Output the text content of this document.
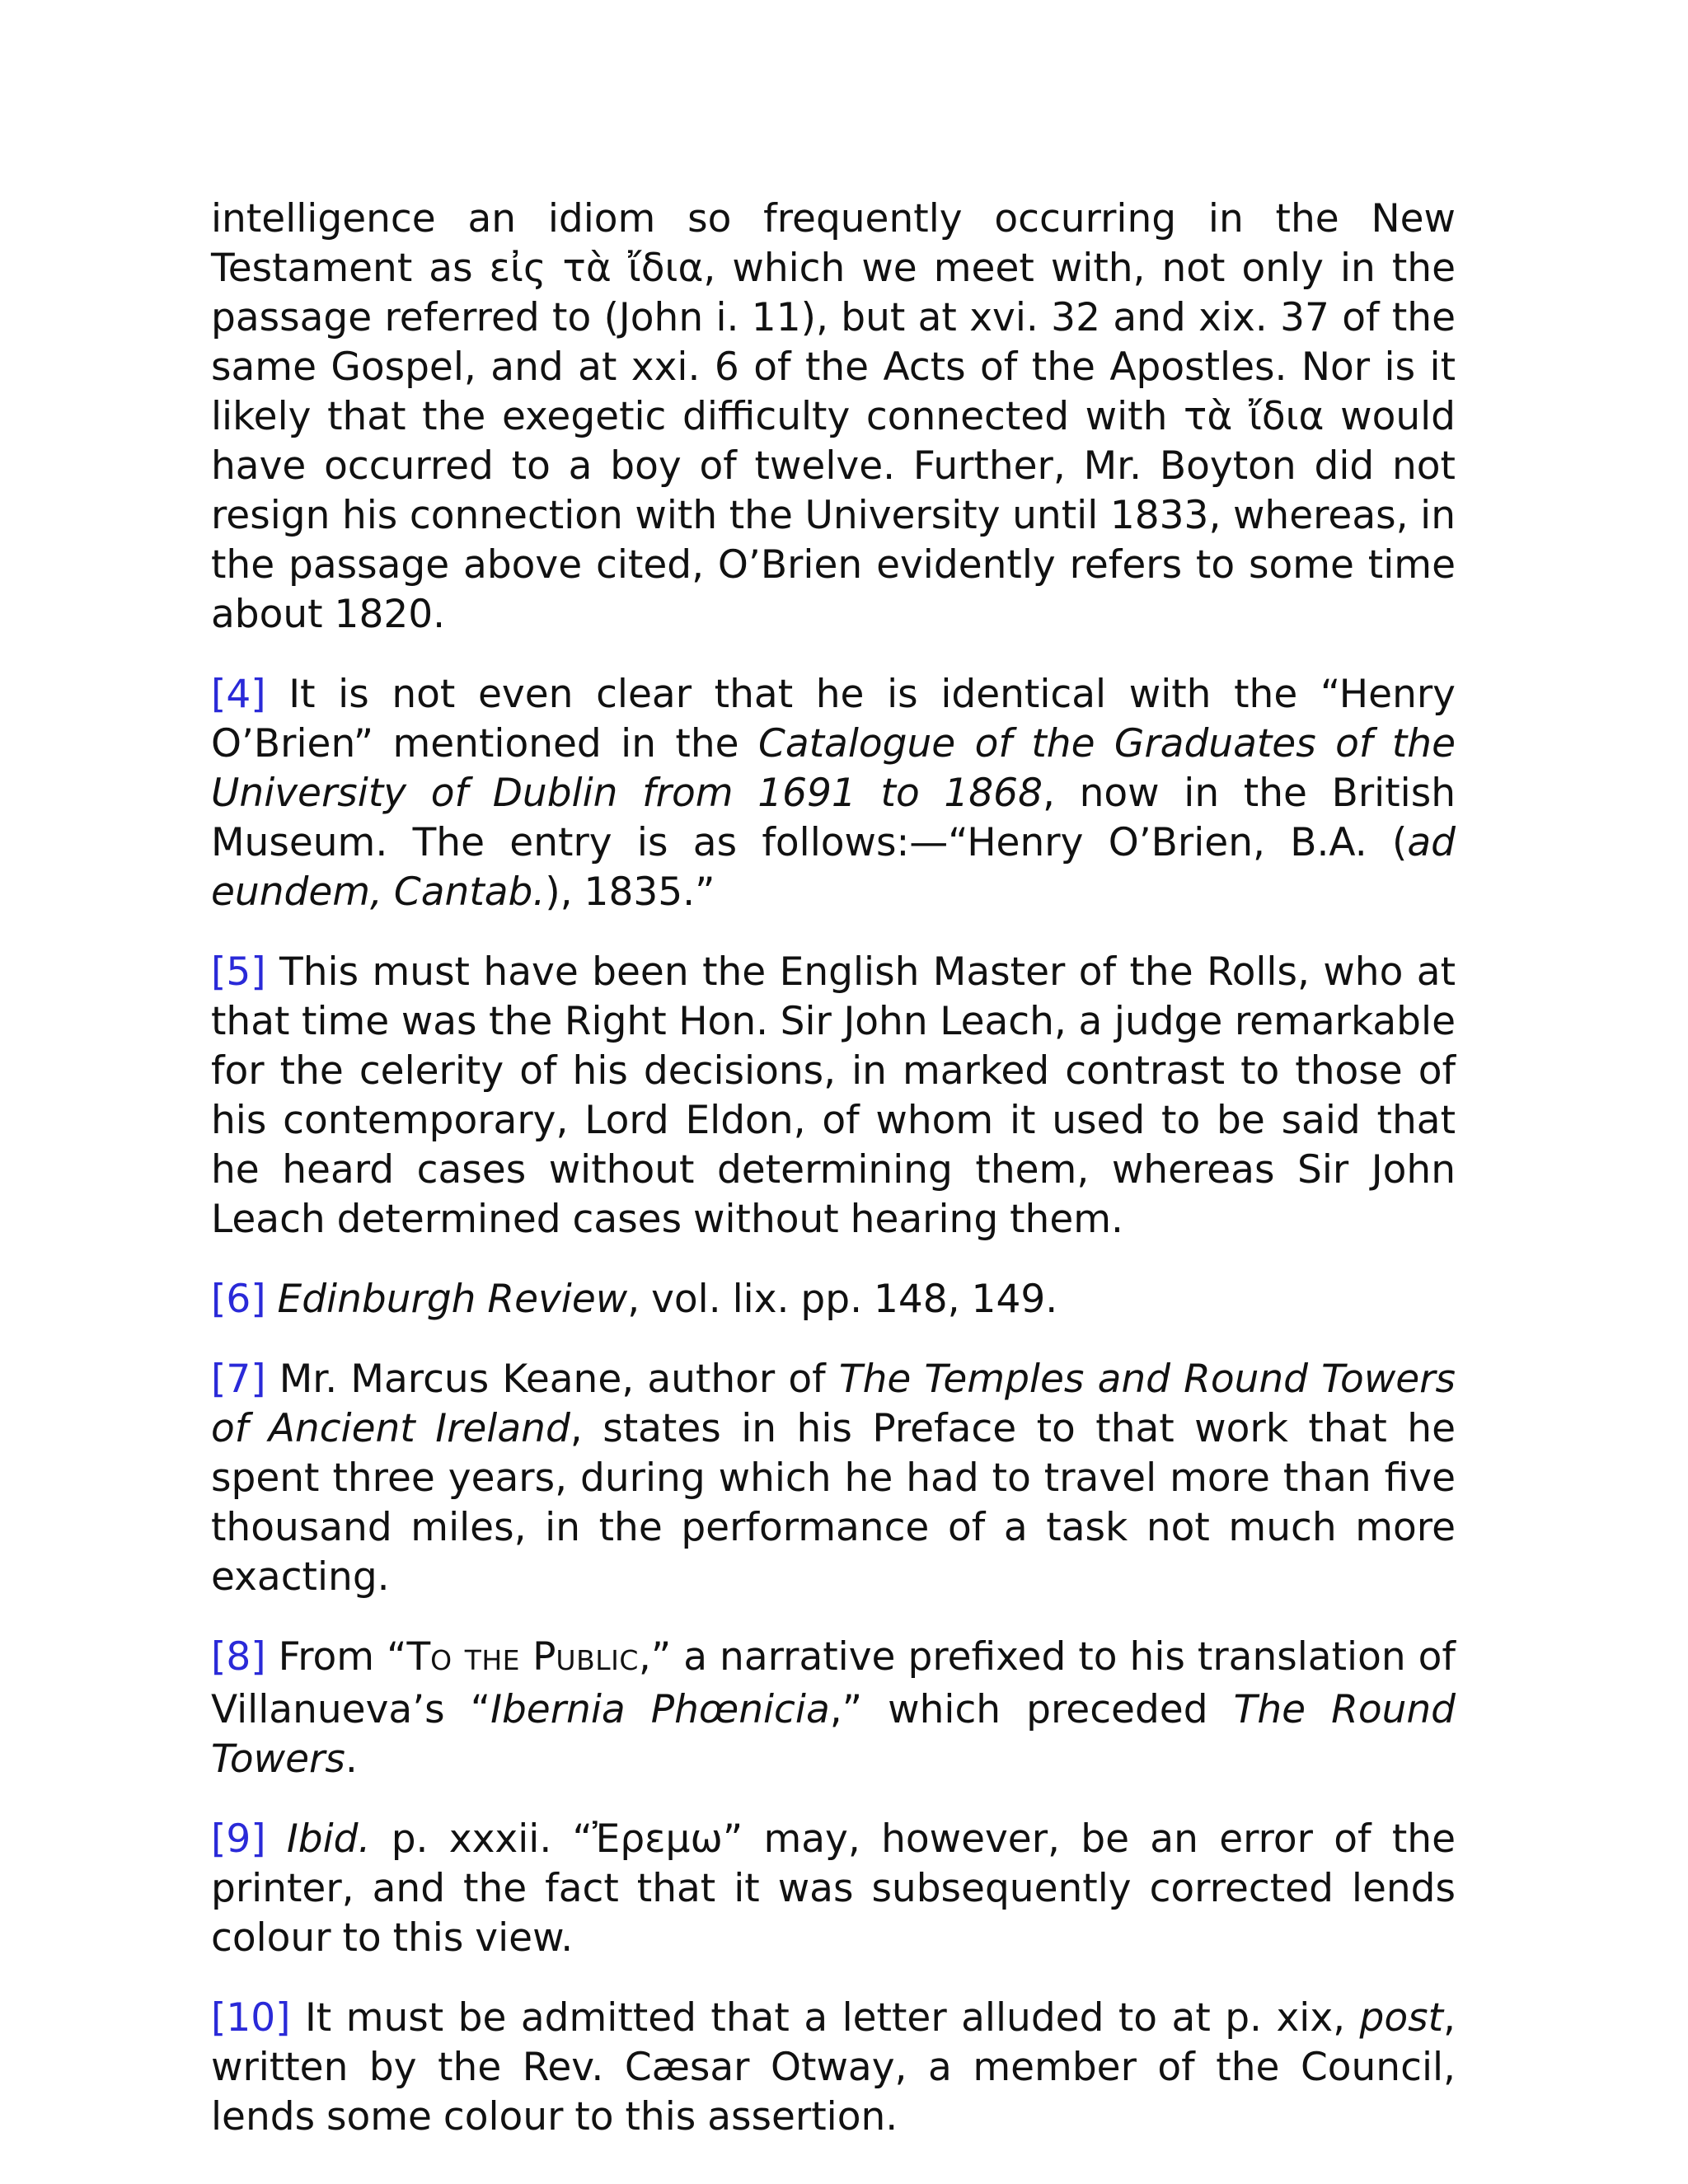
intelligence an idiom so frequently occurring in the New Testament as εἰς τὰ ἴδια, which we meet with, not only in the passage referred to (John i. 11), but at xvi. 32 and xix. 37 of the same Gospel, and at xxi. 6 of the Acts of the Apostles. Nor is it likely that the exegetic difficulty connected with τὰ ἴδια would have occurred to a boy of twelve. Further, Mr. Boyton did not resign his connection with the University until 1833, whereas, in the passage above cited, O’Brien evidently refers to some time about 1820.

[4] It is not even clear that he is identical with the “Henry O’Brien” mentioned in the Catalogue of the Graduates of the University of Dublin from 1691 to 1868, now in the British Museum. The entry is as follows:—“Henry O’Brien, B.A. (ad eundem, Cantab.), 1835.”

[5] This must have been the English Master of the Rolls, who at that time was the Right Hon. Sir John Leach, a judge remarkable for the celerity of his decisions, in marked contrast to those of his contemporary, Lord Eldon, of whom it used to be said that he heard cases without determining them, whereas Sir John Leach determined cases without hearing them.

[6] Edinburgh Review, vol. lix. pp. 148, 149.

[7] Mr. Marcus Keane, author of The Temples and Round Towers of Ancient Ireland, states in his Preface to that work that he spent three years, during which he had to travel more than five thousand miles, in the performance of a task not much more exacting.

[8] From “TO THE PUBLIC,” a narrative prefixed to his translation of Villanueva’s “Ibernia Phœnicia,” which preceded The Round Towers.

[9] Ibid. p. xxxii. “Ἐρεμω” may, however, be an error of the printer, and the fact that it was subsequently corrected lends colour to this view.

[10] It must be admitted that a letter alluded to at p. xix, post, written by the Rev. Cæsar Otway, a member of the Council, lends some colour to this assertion.
